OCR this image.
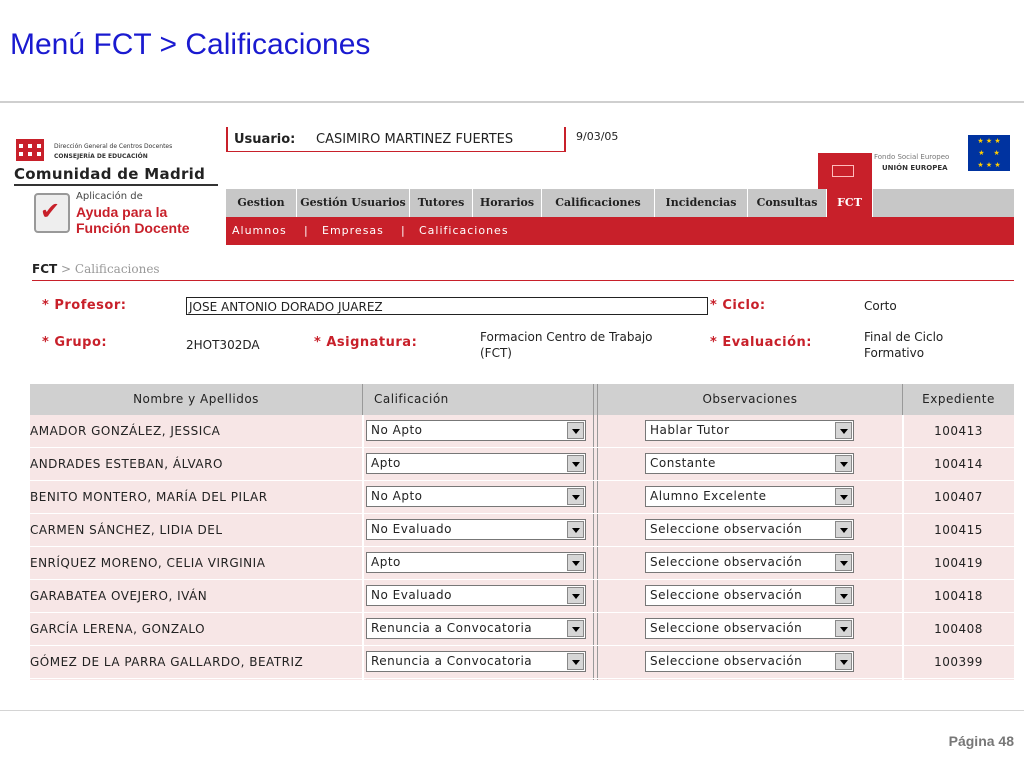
Menú FCT > Calificaciones
Dirección General de Centros Docentes
CONSEJERÍA DE EDUCACIÓN
Comunidad de Madrid
✔
Aplicación de
Ayuda para la
Función Docente
Usuario: CASIMIRO MARTINEZ FUERTES	9/03/05
Fondo Social Europeo
UNIÓN EUROPEA
★ ★ ★
★    ★
★ ★ ★
Gestion	Gestión Usuarios	Tutores	Horarios	Calificaciones	Incidencias	Consultas	FCT
Alumnos | Empresas | Calificaciones
FCT > Calificaciones
* Profesor:	JOSE ANTONIO DORADO JUAREZ	* Ciclo:	Corto
* Grupo:	2HOT302DA	* Asignatura:	Formacion Centro de Trabajo
(FCT)
* Evaluación:	Final de Ciclo
Formativo
Nombre y Apellidos	Calificación	Observaciones	Expediente
AMADOR GONZÁLEZ, JESSICA	No Apto	Hablar Tutor	100413
ANDRADES ESTEBAN, ÁLVARO	Apto	Constante	100414
BENITO MONTERO, MARÍA DEL PILAR	No Apto	Alumno Excelente	100407
CARMEN SÁNCHEZ, LIDIA DEL	No Evaluado	Seleccione observación	100415
ENRÍQUEZ MORENO, CELIA VIRGINIA	Apto	Seleccione observación	100419
GARABATEA OVEJERO, IVÁN	No Evaluado	Seleccione observación	100418
GARCÍA LERENA, GONZALO	Renuncia a Convocatoria	Seleccione observación	100408
GÓMEZ DE LA PARRA GALLARDO, BEATRIZ	Renuncia a Convocatoria	Seleccione observación	100399
Página 48
